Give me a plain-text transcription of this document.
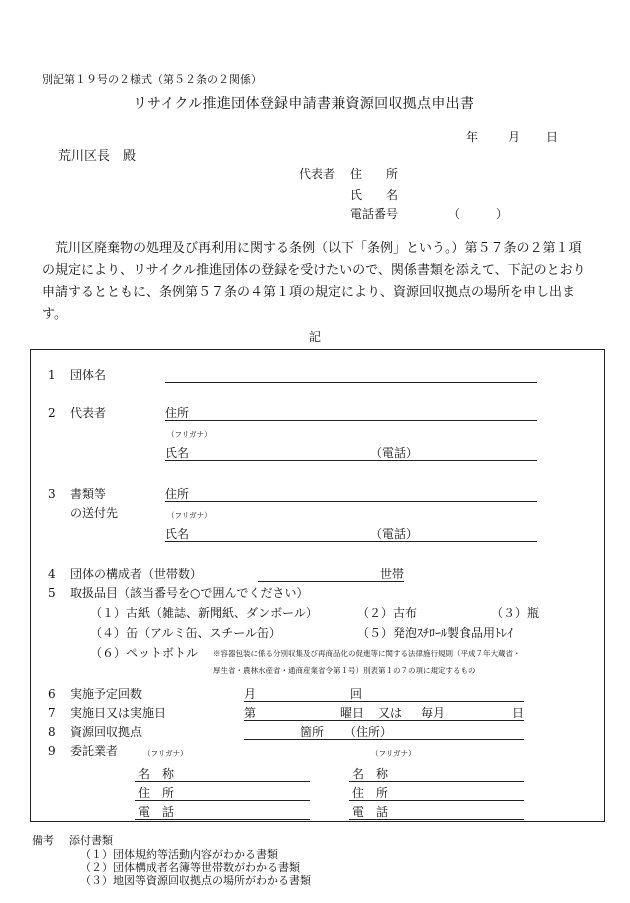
別記第１９号の２様式（第５２条の２関係）
リサイクル推進団体登録申請書兼資源回収拠点申出書
年 月 日
荒川区長　殿
代表者 住　　所
氏　　名
電話番号	（　　　）
荒川区廃棄物の処理及び再利用に関する条例（以下「条例」という。）第５７条の２第１項の規定により、リサイクル推進団体の登録を受けたいので、関係書類を添えて、下記のとおり申請するとともに、条例第５７条の４第１項の規定により、資源回収拠点の場所を申し出ます。
記
1 団体名
2 代表者	住所
（フリガナ）
氏名	（電話）
3 書類等
の送付先
住所
（フリガナ）
氏名	（電話）
4 団体の構成者（世帯数）	世帯
5 取扱品目（該当番号を○で囲んでください）
（１）古紙（雑誌、新聞紙、ダンボール）	（２）古布	（３）瓶
（４）缶（アルミ缶、スチール缶）	（５）発泡ｽﾁﾛｰﾙ製食品用ﾄﾚｲ
（６）ペットボトル ※容器包装に係る分別収集及び再商品化の促進等に関する法律施行規則（平成７年大蔵省・
厚生省・農林水産省・通商産業省令第１号）別表第１の７の項に規定するもの
6 実施予定回数	月	回
7 実施日又は実施日	第	曜日 又は 毎月	日
8 資源回収拠点	箇所 （住所）
9 委託業者	（フリガナ）	（フリガナ）
名　称	名　称
住　所	住　所
電　話	電　話
備考 添付書類
（１）団体規約等活動内容がわかる書類
（２）団体構成者名簿等世帯数がわかる書類
（３）地図等資源回収拠点の場所がわかる書類
